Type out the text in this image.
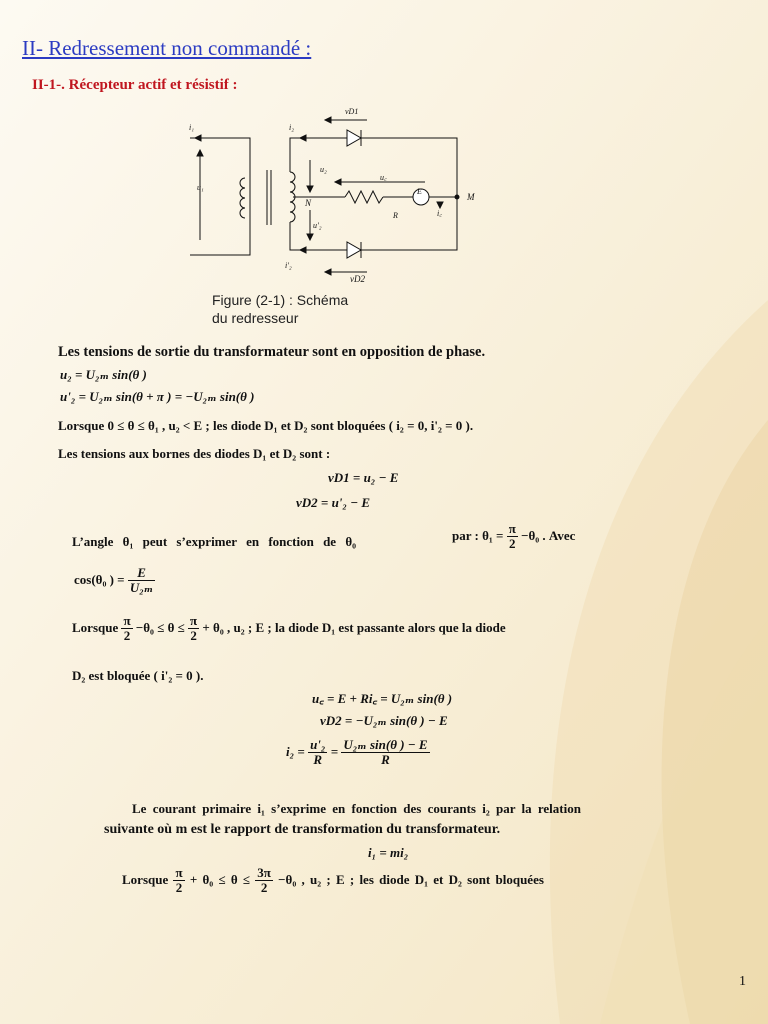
II- Redressement non commandé :
II-1-. Récepteur actif et résistif :
i₁	i₂
u₁
u₂
u'₂
i'₂
u꜀
i꜀
N
M
R
E
vD1
vD2
Figure (2-1) : Schéma
du redresseur
Les tensions de sortie du transformateur sont en opposition de phase.
u₂ = U₂ₘ sin(θ )
u'₂ = U₂ₘ sin(θ + π ) = −U₂ₘ sin(θ )
Lorsque 0 ≤ θ ≤ θ₁ , u₂ < E ; les diode D₁ et D₂ sont bloquées ( i₂ = 0, i'₂ = 0 ).
Les tensions aux bornes des diodes D₁ et D₂ sont :
vD1 = u₂ − E
vD2 = u'₂ − E
L’angle θ₁ peut s’exprimer en fonction de θ₀	par : $\theta_1 = \frac{\pi}{2} -\theta_0$ . Avec
cos(θ₀ ) = $\frac{E}{\text{U₂ₘ}}$
Lorsque $\frac{\pi}{2} -\theta_0 \le \theta \le \frac{\pi}{2} + \theta_0$ , u₂ ; E ; la diode D₁ est passante alors que la diode
D₂ est bloquée ( i'₂ = 0 ).
u꜀ = E + Ri꜀ = U₂ₘ sin(θ )
vD2 = −U₂ₘ sin(θ ) − E
$i_2 = \frac{\text{u'₂}}{R} = \frac{\text{U₂ₘ sin(θ ) − E}}{R}$
Le courant primaire i₁ s’exprime en fonction des courants i₂ par la relation
suivante où m est le rapport de transformation du transformateur.
i₁ = mi₂
Lorsque $\frac{\pi}{2} + \theta_0 \le \theta \le \frac{3\pi}{2} -\theta_0$ , u₂ ; E ; les diode D₁ et D₂ sont bloquées
1
